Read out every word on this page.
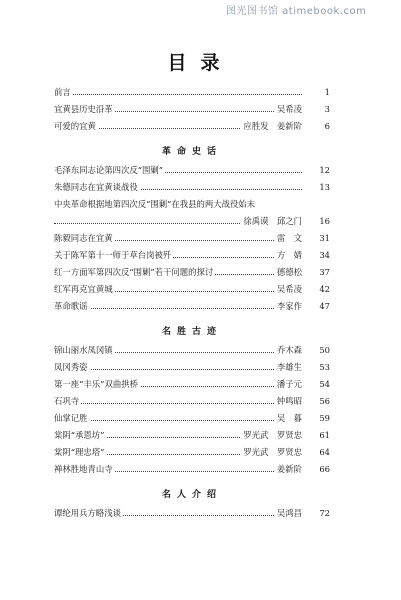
图光图书馆 atimebook.com
目录
前言	1
宜黄县历史沿革	吴希凌	3
可爱的宜黄	应胜发　姜新阶	6
革命史话
毛泽东同志论第四次反“围剿”	12
朱德同志在宜黄谈战役	13
中央革命根据地第四次反“围剿”在我县的两大战役始末
徐禹谟　邱之门	16
陈毅同志在宜黄	雷　文	31
关于陈军第十一师于草台岗被歼	方　婧	34
红一方面军第四次反“围剿”若干问题的探讨	德德松	37
红军再克宜黄城	吴希凌	42
革命歌谣	李家作	47
名胜古迹
锦山丽水凤冈镇	乔木森	50
凤冈秀姿	李雄生	53
第一座“丰乐”双曲拱桥	潘子元	54
石巩寺	钟鸣昭	56
仙掌记胜	吴　暮	59
棠阴“承恩坊”	罗光武　罗贤忠	61
棠阴“理忠塔”	罗光武　罗贤忠	64
禅林胜地青山寺	姜新阶	66
名人介绍
谭纶用兵方略浅谈	吴鸿昌	72
